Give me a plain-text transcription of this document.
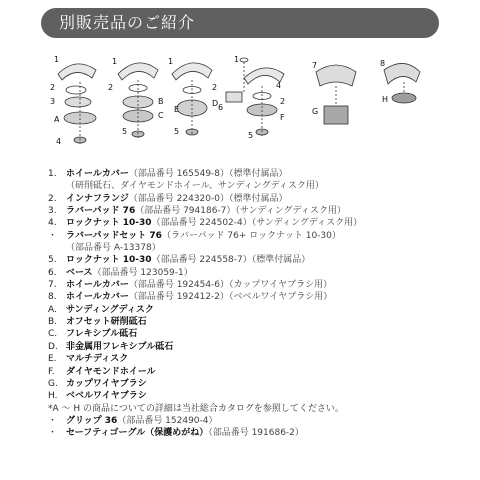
別販売品のご紹介
1
2
3
A
4
1
2
5
B
C
1
2
5
D
E
1
4
6
2
5
F
7
G
8
H
1.	ホイールカバー（部品番号 165549-8）（標準付属品）
（研削砥石、ダイヤモンドホイール、サンディングディスク用）
2.	インナフランジ（部品番号 224320-0）（標準付属品）
3.	ラバーパッド 76（部品番号 794186-7）（サンディングディスク用）
4.	ロックナット 10-30（部品番号 224502-4）（サンディングディスク用）
・ ラバーパッドセット 76（ラバーパッド 76+ ロックナット 10-30）
（部品番号 A-13378）
5.	ロックナット 10-30（部品番号 224558-7）（標準付属品）
6.	ベース（部品番号 123059-1）
7.	ホイールカバー（部品番号 192454-6）（カップワイヤブラシ用）
8.	ホイールカバー（部品番号 192412-2）（ベベルワイヤブラシ用）
A.	サンディングディスク
B. オフセット研削砥石
C. フレキシブル砥石
D. 非金属用フレキシブル砥石
E.	マルチディスク
F.	ダイヤモンドホイール
G. カップワイヤブラシ
H. ベベルワイヤブラシ
*A ～ H の商品についての詳細は当社総合カタログを参照してください。
・ グリップ 36（部品番号 152490-4）
・ セーフティゴーグル（保護めがね）（部品番号 191686-2）
